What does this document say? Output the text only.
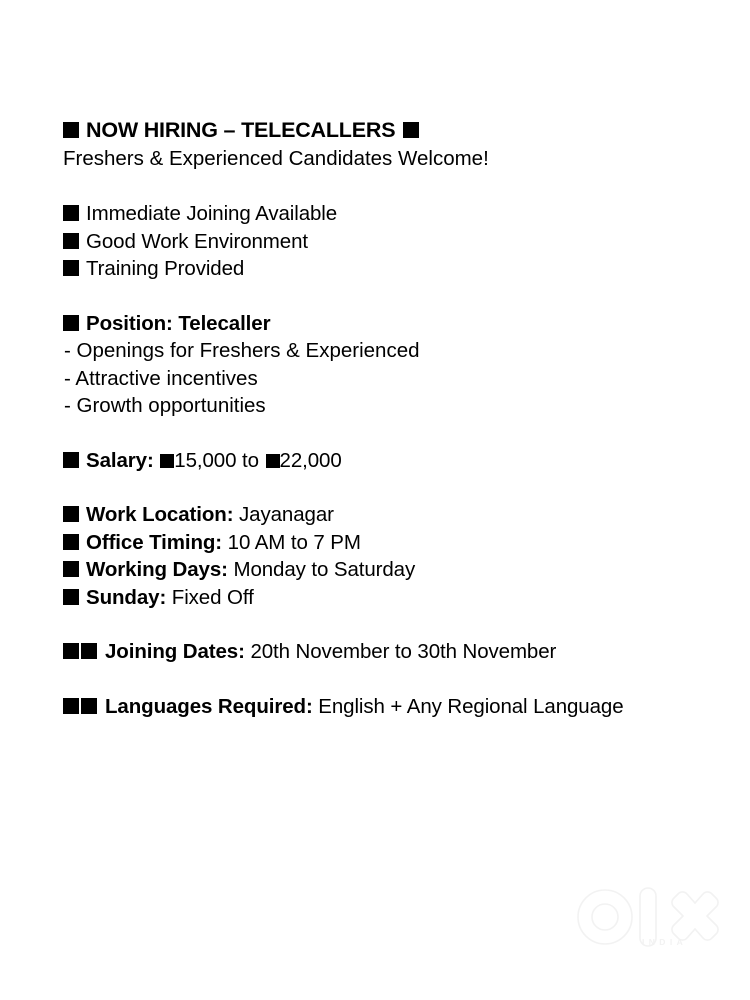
NOW HIRING – TELECALLERS
Freshers & Experienced Candidates Welcome!
Immediate Joining Available
Good Work Environment
Training Provided
Position: Telecaller
- Openings for Freshers & Experienced
- Attractive incentives
- Growth opportunities
Salary: 15,000 to 22,000
Work Location: Jayanagar
Office Timing: 10 AM to 7 PM
Working Days: Monday to Saturday
Sunday: Fixed Off
Joining Dates: 20th November to 30th November
Languages Required: English + Any Regional Language
INDIA
